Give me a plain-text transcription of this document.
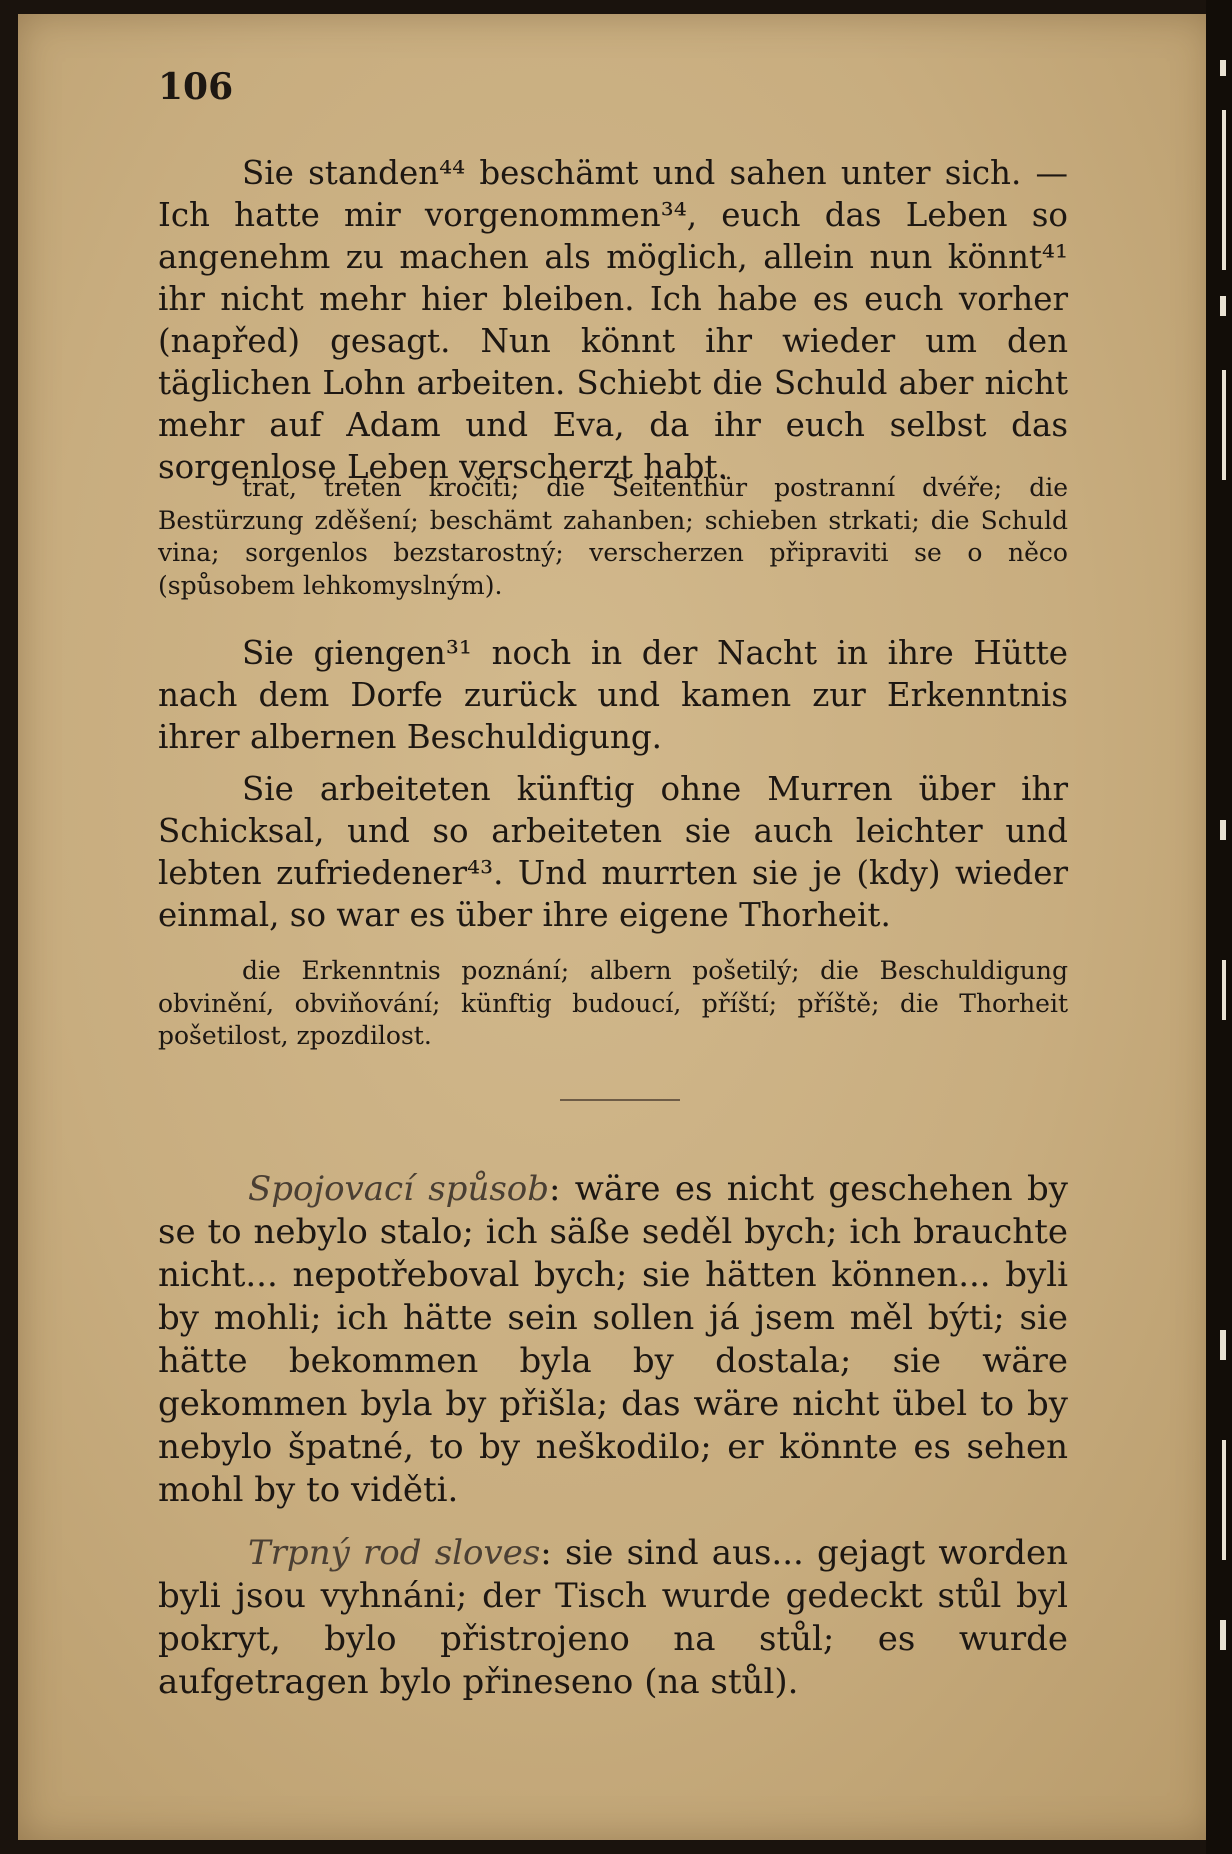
106

Sie standen⁴⁴ beschämt und sahen unter sich. — Ich hatte mir vorgenommen³⁴, euch das Leben so angenehm zu machen als möglich, allein nun könnt⁴¹ ihr nicht mehr hier bleiben. Ich habe es euch vorher (napřed) gesagt. Nun könnt ihr wieder um den täglichen Lohn arbeiten. Schiebt die Schuld aber nicht mehr auf Adam und Eva, da ihr euch selbst das sorgenlose Leben verscherzt habt.

trat, treten kročiti; die Seitenthür postranní dvéře; die Bestürzung zděšení; beschämt zahanben; schieben strkati; die Schuld vina; sorgenlos bezstarostný; verscherzen připraviti se o něco (spůsobem lehkomyslným).

Sie giengen³¹ noch in der Nacht in ihre Hütte nach dem Dorfe zurück und kamen zur Erkenntnis ihrer albernen Beschuldigung.

Sie arbeiteten künftig ohne Murren über ihr Schicksal, und so arbeiteten sie auch leichter und lebten zufriedener⁴³. Und murrten sie je (kdy) wieder einmal, so war es über ihre eigene Thorheit.

die Erkenntnis poznání; albern pošetilý; die Beschuldigung obvinění, obviňování; künftig budoucí, příští; příště; die Thorheit pošetilost, zpozdilost.

Spojovací spůsob: wäre es nicht geschehen by se to nebylo stalo; ich säße seděl bych; ich brauchte nicht... nepotřeboval bych; sie hätten können... byli by mohli; ich hätte sein sollen já jsem měl býti; sie hätte bekommen byla by dostala; sie wäre gekommen byla by přišla; das wäre nicht übel to by nebylo špatné, to by neškodilo; er könnte es sehen mohl by to viděti.

Trpný rod sloves: sie sind aus... gejagt worden byli jsou vyhnáni; der Tisch wurde gedeckt stůl byl pokryt, bylo přistrojeno na stůl; es wurde aufgetragen bylo přineseno (na stůl).
